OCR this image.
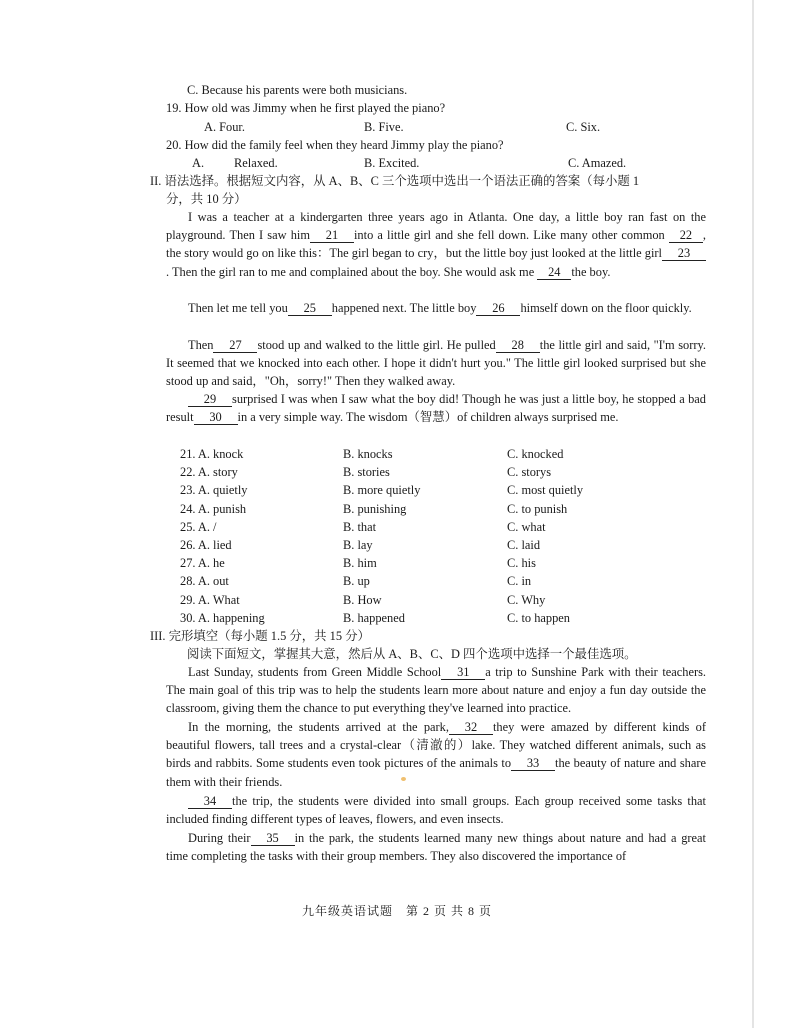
C. Because his parents were both musicians.
19. How old was Jimmy when he first played the piano?
A. Four.	B. Five.	C. Six.
20. How did the family feel when they heard Jimmy play the piano?
A. Relaxed.	B. Excited.	C. Amazed.
II. 语法选择。根据短文内容，从 A、B、C 三个选项中选出一个语法正确的答案（每小题 1
分，共 10 分）
I was a teacher at a kindergarten three years ago in Atlanta. One day, a little boy ran fast on the playground. Then I saw him 21 into a little girl and she fell down. Like many other common 22 , the story would go on like this：The girl began to cry，but the little boy just looked at the little girl 23. Then the girl ran to me and complained about the boy. She would ask me 24 the boy.
Then let me tell you 25 happened next. The little boy 26 himself down on the floor quickly.
Then 27 stood up and walked to the little girl. He pulled 28 the little girl and said, "I'm sorry. It seemed that we knocked into each other. I hope it didn't hurt you." The little girl looked surprised but she stood up and said，"Oh，sorry!" Then they walked away.
29 surprised I was when I saw what the boy did! Though he was just a little boy, he stopped a bad result 30 in a very simple way. The wisdom（智慧）of children always surprised me.
21. A. knock	B. knocks	C. knocked
22. A. story	B. stories	C. storys
23. A. quietly	B. more quietly	C. most quietly
24. A. punish	B. punishing	C. to punish
25. A. /	B. that	C. what
26. A. lied	B. lay	C. laid
27. A. he	B. him	C. his
28. A. out	B. up	C. in
29. A. What	B. How	C. Why
30. A. happening	B. happened	C. to happen
III. 完形填空（每小题 1.5 分，共 15 分）
阅读下面短文，掌握其大意，然后从 A、B、C、D 四个选项中选择一个最佳选项。
Last Sunday, students from Green Middle School 31 a trip to Sunshine Park with their teachers. The main goal of this trip was to help the students learn more about nature and enjoy a fun day outside the classroom, giving them the chance to put everything they've learned into practice.
In the morning, the students arrived at the park, 32 they were amazed by different kinds of beautiful flowers, tall trees and a crystal-clear（清澈的）lake. They watched different animals, such as birds and rabbits. Some students even took pictures of the animals to 33 the beauty of nature and share them with their friends.
34 the trip, the students were divided into small groups. Each group received some tasks that included finding different types of leaves, flowers, and even insects.
During their 35 in the park, the students learned many new things about nature and had a great time completing the tasks with their group members. They also discovered the importance of
九年级英语试题　第 2 页 共 8 页
